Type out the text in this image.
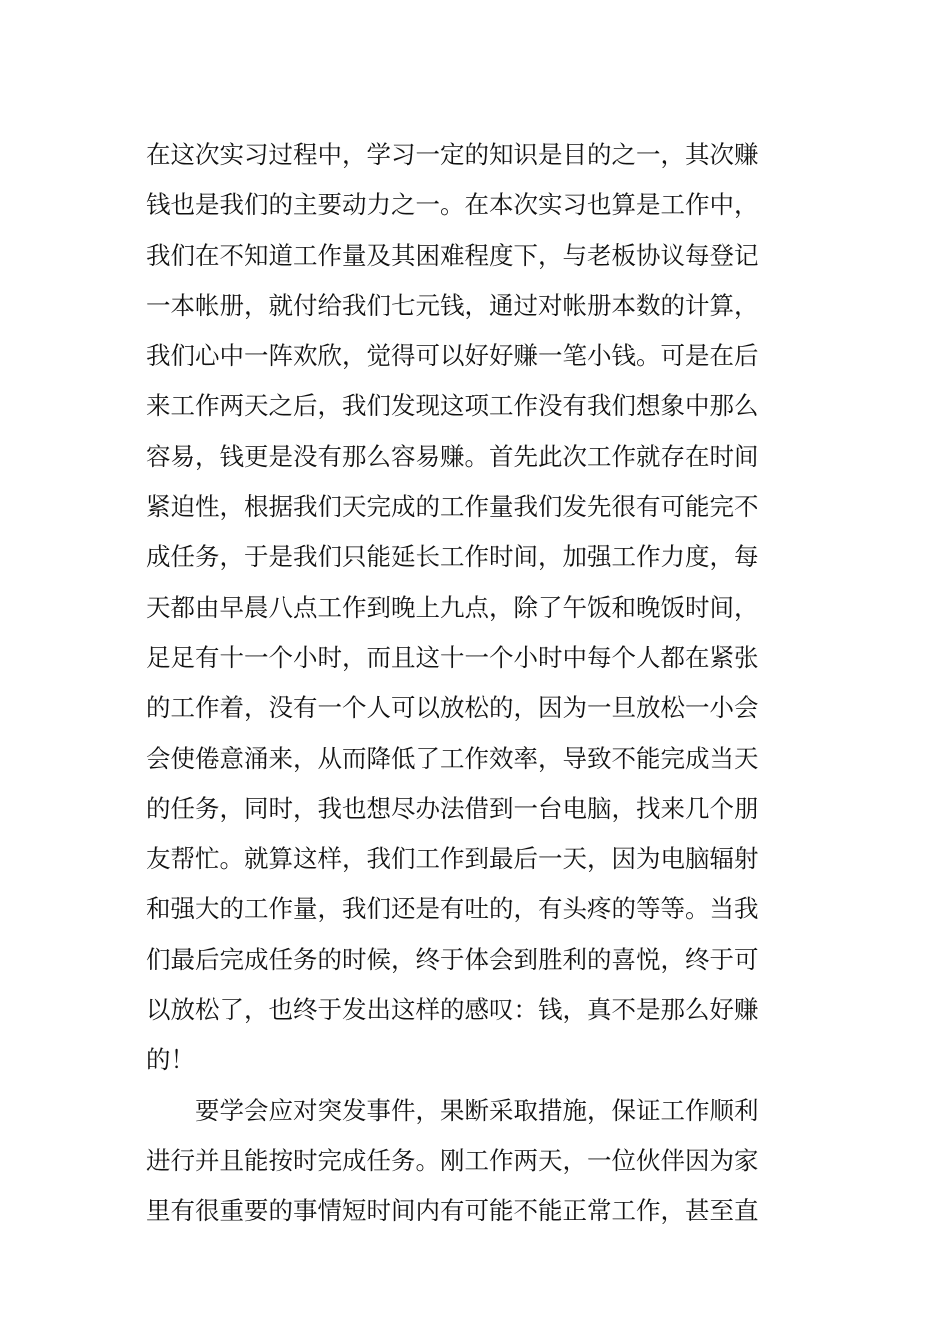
在这次实习过程中，学习一定的知识是目的之一，其次赚
钱也是我们的主要动力之一。在本次实习也算是工作中，
我们在不知道工作量及其困难程度下，与老板协议每登记
一本帐册，就付给我们七元钱，通过对帐册本数的计算，
我们心中一阵欢欣，觉得可以好好赚一笔小钱。可是在后
来工作两天之后，我们发现这项工作没有我们想象中那么
容易，钱更是没有那么容易赚。首先此次工作就存在时间
紧迫性，根据我们天完成的工作量我们发先很有可能完不
成任务，于是我们只能延长工作时间，加强工作力度，每
天都由早晨八点工作到晚上九点，除了午饭和晚饭时间，
足足有十一个小时，而且这十一个小时中每个人都在紧张
的工作着，没有一个人可以放松的，因为一旦放松一小会
会使倦意涌来，从而降低了工作效率，导致不能完成当天
的任务，同时，我也想尽办法借到一台电脑，找来几个朋
友帮忙。就算这样，我们工作到最后一天，因为电脑辐射
和强大的工作量，我们还是有吐的，有头疼的等等。当我
们最后完成任务的时候，终于体会到胜利的喜悦，终于可
以放松了，也终于发出这样的感叹：钱，真不是那么好赚
的！
要学会应对突发事件，果断采取措施，保证工作顺利
进行并且能按时完成任务。刚工作两天，一位伙伴因为家
里有很重要的事情短时间内有可能不能正常工作，甚至直
